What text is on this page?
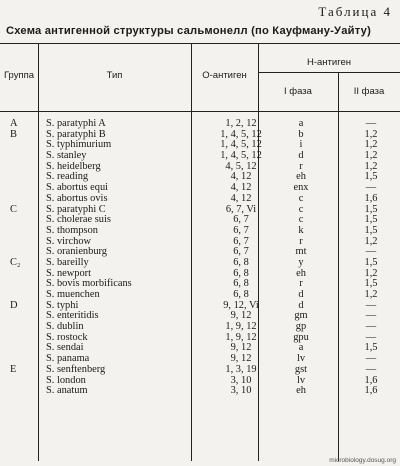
Таблица 4
Схема антигенной структуры сальмонелл (по Кауфману-Уайту)
Группа	Тип	О-антиген
Н-антиген
I фаза	II фаза
A	S. paratyphi A	1, 2, 12	a	—
B	S. paratyphi B	1, 4, 5, 12	b	1,2
S. typhimurium	1, 4, 5, 12	i	1,2
S. stanley	1, 4, 5, 12	d	1,2
S. heidelberg	4, 5, 12	r	1,2
S. reading	4, 12	eh	1,5
S. abortus equi	4, 12	enx	—
S. abortus ovis	4, 12	c	1,6
C	S. paratyphi C	6, 7, Vi	c	1,5
S. cholerae suis	6, 7	c	1,5
S. thompson	6, 7	k	1,5
S. virchow	6, 7	r	1,2
S. oranienburg	6, 7	mt	—
C₂	S. bareilly	6, 8	y	1,5
S. newport	6, 8	eh	1,2
S. bovis morbificans	6, 8	r	1,5
S. muenchen	6, 8	d	1,2
D	S. typhi	9, 12, Vi	d	—
S. enteritidis	9, 12	gm	—
S. dublin	1, 9, 12	gp	—
S. rostock	1, 9, 12	gpu	—
S. sendai	9, 12	a	1,5
S. panama	9, 12	lv	—
E	S. senftenberg	1, 3, 19	gst	—
S. london	3, 10	lv	1,6
S. anatum	3, 10	eh	1,6
microbiology.dosug.org
